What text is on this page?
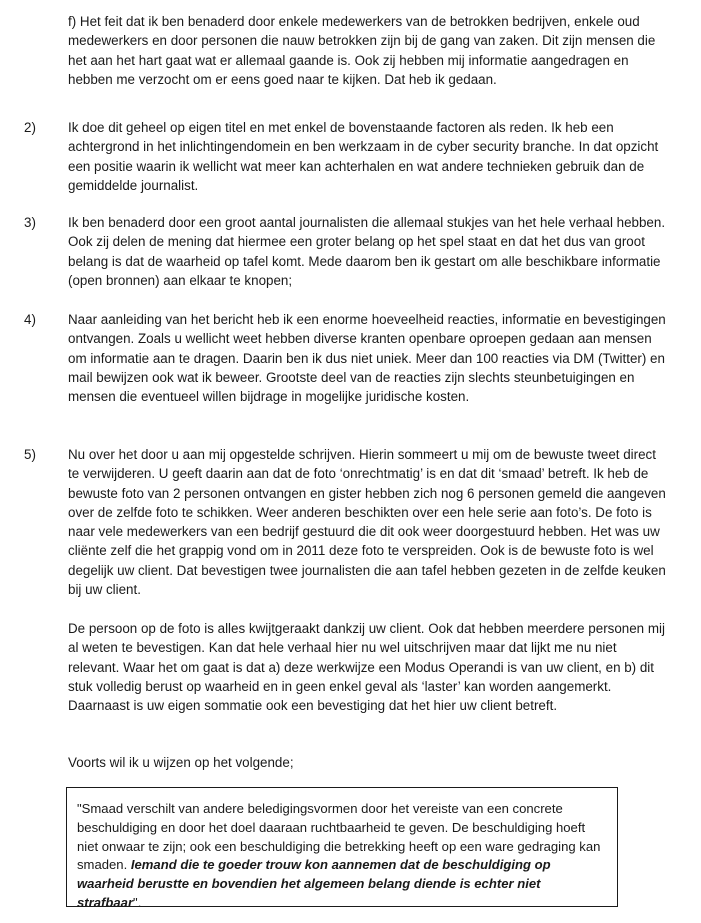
f) Het feit dat ik ben benaderd door enkele medewerkers van de betrokken bedrijven, enkele oud medewerkers en door personen die nauw betrokken zijn bij de gang van zaken. Dit zijn mensen die het aan het hart gaat wat er allemaal gaande is. Ook zij hebben mij informatie aangedragen en hebben me verzocht om er eens goed naar te kijken. Dat heb ik gedaan.

2)	Ik doe dit geheel op eigen titel en met enkel de bovenstaande factoren als reden. Ik heb een achtergrond in het inlichtingendomein en ben werkzaam in de cyber security branche. In dat opzicht een positie waarin ik wellicht wat meer kan achterhalen en wat andere technieken gebruik dan de gemiddelde journalist.

3)	Ik ben benaderd door een groot aantal journalisten die allemaal stukjes van het hele verhaal hebben. Ook zij delen de mening dat hiermee een groter belang op het spel staat en dat het dus van groot belang is dat de waarheid op tafel komt. Mede daarom ben ik gestart om alle beschikbare informatie (open bronnen) aan elkaar te knopen;

4)	Naar aanleiding van het bericht heb ik een enorme hoeveelheid reacties, informatie en bevestigingen ontvangen. Zoals u wellicht weet hebben diverse kranten openbare oproepen gedaan aan mensen om informatie aan te dragen. Daarin ben ik dus niet uniek. Meer dan 100 reacties via DM (Twitter) en mail bewijzen ook wat ik beweer. Grootste deel van de reacties zijn slechts steunbetuigingen en mensen die eventueel willen bijdrage in mogelijke juridische kosten.

5)	Nu over het door u aan mij opgestelde schrijven. Hierin sommeert u mij om de bewuste tweet direct te verwijderen. U geeft daarin aan dat de foto ‘onrechtmatig’ is en dat dit ‘smaad’ betreft. Ik heb de bewuste foto van 2 personen ontvangen en gister hebben zich nog 6 personen gemeld die aangeven over de zelfde foto te schikken. Weer anderen beschikten over een hele serie aan foto’s. De foto is naar vele medewerkers van een bedrijf gestuurd die dit ook weer doorgestuurd hebben. Het was uw cliënte zelf die het grappig vond om in 2011 deze foto te verspreiden. Ook is de bewuste foto is wel degelijk uw client. Dat bevestigen twee journalisten die aan tafel hebben gezeten in de zelfde keuken bij uw client.

De persoon op de foto is alles kwijtgeraakt dankzij uw client. Ook dat hebben meerdere personen mij al weten te bevestigen. Kan dat hele verhaal hier nu wel uitschrijven maar dat lijkt me nu niet relevant. Waar het om gaat is dat a) deze werkwijze een Modus Operandi is van uw client, en b) dit stuk volledig berust op waarheid en in geen enkel geval als ‘laster’ kan worden aangemerkt. Daarnaast is uw eigen sommatie ook een bevestiging dat het hier uw client betreft.

Voorts wil ik u wijzen op het volgende;

"Smaad verschilt van andere beledigingsvormen door het vereiste van een concrete beschuldiging en door het doel daaraan ruchtbaarheid te geven. De beschuldiging hoeft niet onwaar te zijn; ook een beschuldiging die betrekking heeft op een ware gedraging kan smaden. Iemand die te goeder trouw kon aannemen dat de beschuldiging op waarheid berustte en bovendien het algemeen belang diende is echter niet strafbaar".
